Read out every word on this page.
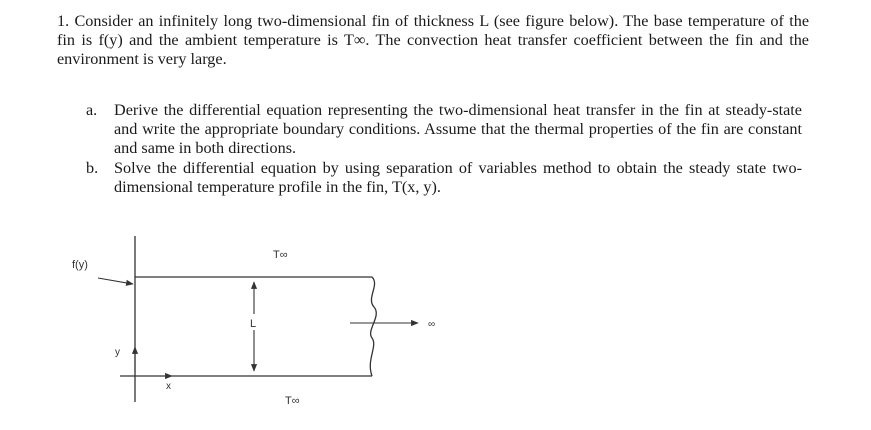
1. Consider an infinitely long two-dimensional fin of thickness L (see figure below). The base temperature of the fin is f(y) and the ambient temperature is T∞. The convection heat transfer coefficient between the fin and the environment is very large.
a.	Derive the differential equation representing the two-dimensional heat transfer in the fin at steady-state and write the appropriate boundary conditions. Assume that the thermal properties of the fin are constant and same in both directions.
b. Solve the differential equation by using separation of variables method to obtain the steady state two-dimensional temperature profile in the fin, T(x, y).
f(y)
T∞
L	∞
y
x
T∞
